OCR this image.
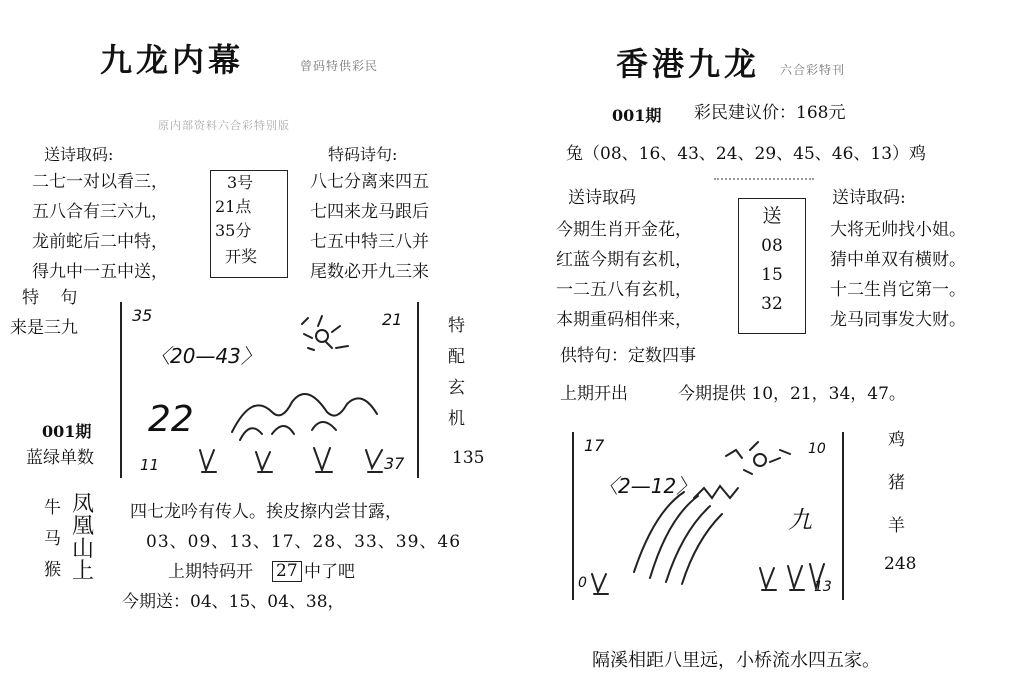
九龙内幕	曾码特供彩民
原内部资料六合彩特别版
送诗取码:	特码诗句:
二七一对以看三，
五八合有三六九，
龙前蛇后二中特，
得九中一五中送，
3号
21点
35分
开奖
八七分离来四五
七四来龙马跟后
七五中特三八并
尾数必开九三来
特 句
来是三九
35	21
〈20—43〉
22
11	37
特
配
玄
机
135
001期
蓝绿单数
牛
马
猴
凤
凰
山
上
四七龙吟有传人。挨皮擦内尝甘露，
03、09、13、17、28、33、39、46
上期特码开 27 中了吧
今期送：04、15、04、38，
香港九龙 六合彩特刊
001期 彩民建议价：168元
兔（08、16、43、24、29、45、46、13）鸡
送诗取码	送诗取码:
今期生肖开金花，
红蓝今期有玄机，
一二五八有玄机，
本期重码相伴来，
送
08
15
32
大将无帅找小姐。
猜中单双有横财。
十二生肖它第一。
龙马同事发大财。
供特句：定数四事
上期开出	今期提供 10，21，34，47。
17	10
〈2—12〉
九
0	13
鸡
猪
羊
248
隔溪相距八里远，小桥流水四五家。
